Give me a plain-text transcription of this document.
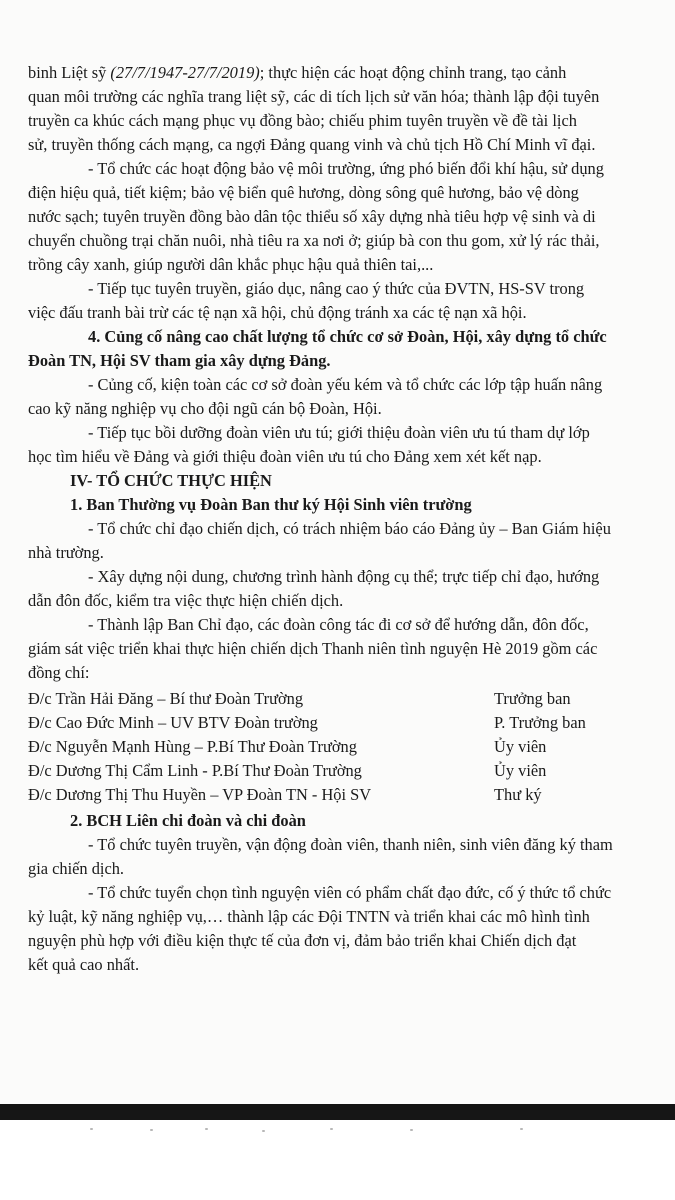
binh Liệt sỹ (27/7/1947-27/7/2019); thực hiện các hoạt động chỉnh trang, tạo cảnh
quan môi trường các nghĩa trang liệt sỹ, các di tích lịch sử văn hóa; thành lập đội tuyên
truyền ca khúc cách mạng phục vụ đồng bào; chiếu phim tuyên truyền về đề tài lịch
sử, truyền thống cách mạng, ca ngợi Đảng quang vinh và chủ tịch Hồ Chí Minh vĩ đại.
- Tổ chức các hoạt động bảo vệ môi trường, ứng phó biến đổi khí hậu, sử dụng
điện hiệu quả, tiết kiệm; bảo vệ biển quê hương, dòng sông quê hương, bảo vệ dòng
nước sạch; tuyên truyền đồng bào dân tộc thiểu số xây dựng nhà tiêu hợp vệ sinh và di
chuyển chuồng trại chăn nuôi, nhà tiêu ra xa nơi ở; giúp bà con thu gom, xử lý rác thải,
trồng cây xanh, giúp người dân khắc phục hậu quả thiên tai,...
- Tiếp tục tuyên truyền, giáo dục, nâng cao ý thức của ĐVTN, HS-SV trong
việc đấu tranh bài trừ các tệ nạn xã hội, chủ động tránh xa các tệ nạn xã hội.
4. Củng cố nâng cao chất lượng tổ chức cơ sở Đoàn, Hội, xây dựng tổ chức
Đoàn TN, Hội SV tham gia xây dựng Đảng.
- Củng cố, kiện toàn các cơ sở đoàn yếu kém và tổ chức các lớp tập huấn nâng
cao kỹ năng nghiệp vụ cho đội ngũ cán bộ Đoàn, Hội.
- Tiếp tục bồi dưỡng đoàn viên ưu tú; giới thiệu đoàn viên ưu tú tham dự lớp
học tìm hiểu về Đảng và giới thiệu đoàn viên ưu tú cho Đảng xem xét kết nạp.
IV- TỔ CHỨC THỰC HIỆN
1. Ban Thường vụ Đoàn Ban thư ký Hội Sinh viên trường
- Tổ chức chỉ đạo chiến dịch, có trách nhiệm báo cáo Đảng ủy – Ban Giám hiệu
nhà trường.
- Xây dựng nội dung, chương trình hành động cụ thể; trực tiếp chỉ đạo, hướng
dẫn đôn đốc, kiểm tra việc thực hiện chiến dịch.
- Thành lập Ban Chỉ đạo, các đoàn công tác đi cơ sở để hướng dẫn, đôn đốc,
giám sát việc triển khai thực hiện chiến dịch Thanh niên tình nguyện Hè 2019 gồm các
đồng chí:
Đ/c Trần Hải Đăng – Bí thư Đoàn Trường	Trưởng ban
Đ/c Cao Đức Minh – UV BTV Đoàn trường	P. Trưởng ban
Đ/c Nguyễn Mạnh Hùng – P.Bí Thư Đoàn Trường	Ủy viên
Đ/c Dương Thị Cẩm Linh - P.Bí Thư Đoàn Trường	Ủy viên
Đ/c Dương Thị Thu Huyền – VP Đoàn TN - Hội SV	Thư ký
2. BCH Liên chi đoàn và chi đoàn
- Tổ chức tuyên truyền, vận động đoàn viên, thanh niên, sinh viên đăng ký tham
gia chiến dịch.
- Tổ chức tuyển chọn tình nguyện viên có phẩm chất đạo đức, cố ý thức tổ chức
kỷ luật, kỹ năng nghiệp vụ,… thành lập các Đội TNTN và triển khai các mô hình tình
nguyện phù hợp với điều kiện thực tế của đơn vị, đảm bảo triển khai Chiến dịch đạt
kết quả cao nhất.
